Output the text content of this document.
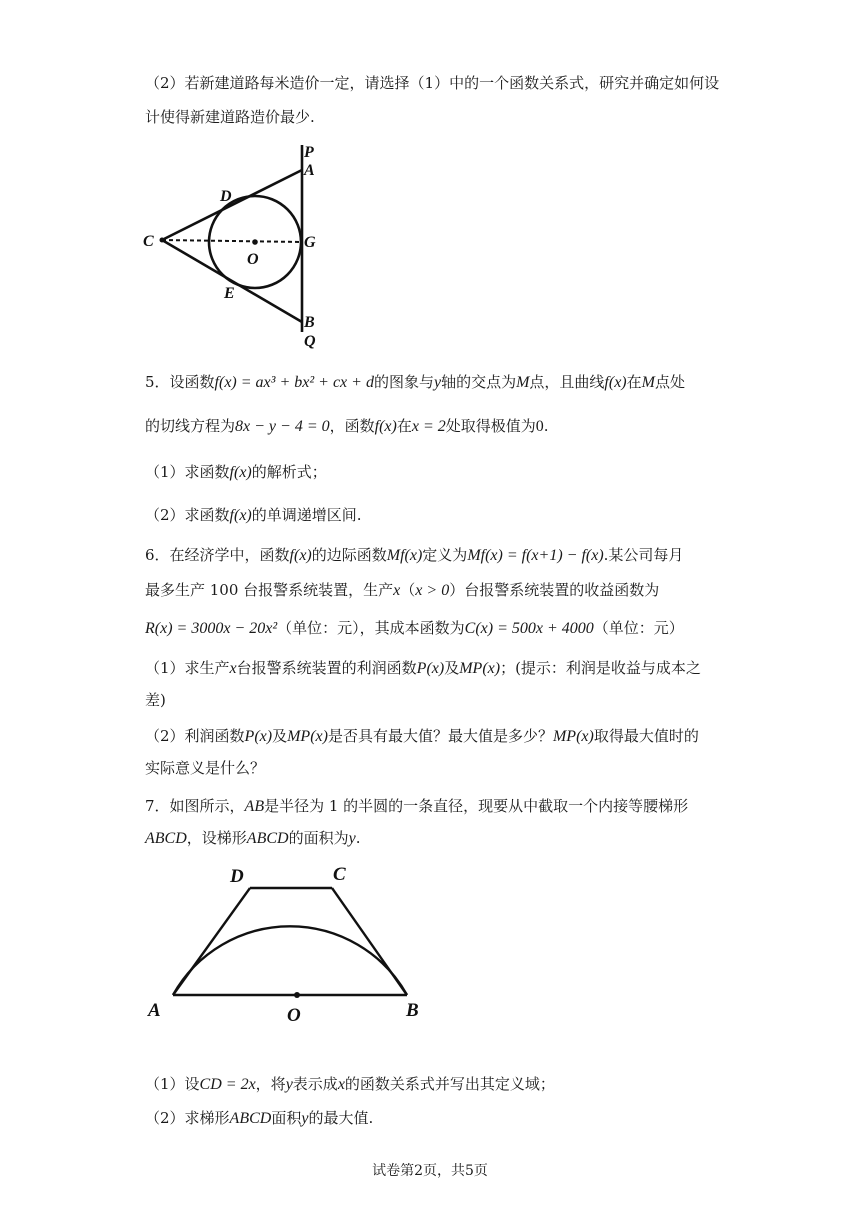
（2）若新建道路每米造价一定，请选择（1）中的一个函数关系式，研究并确定如何设
计使得新建道路造价最少.
P
A
D
C
O
G
E
B
Q
5．设函数f(x) = ax³ + bx² + cx + d的图象与y轴的交点为M点，且曲线f(x)在M点处
的切线方程为8x − y − 4 = 0，函数f(x)在x = 2处取得极值为0.
（1）求函数f(x)的解析式；
（2）求函数f(x)的单调递增区间.
6．在经济学中，函数f(x)的边际函数Mf(x)定义为Mf(x) = f(x+1) − f(x).某公司每月
最多生产 100 台报警系统装置，生产x（x > 0）台报警系统装置的收益函数为
R(x) = 3000x − 20x²（单位：元），其成本函数为C(x) = 500x + 4000（单位：元）
（1）求生产x台报警系统装置的利润函数P(x)及MP(x)；(提示：利润是收益与成本之
差)
（2）利润函数P(x)及MP(x)是否具有最大值？最大值是多少？MP(x)取得最大值时的
实际意义是什么？
7．如图所示，AB是半径为 1 的半圆的一条直径，现要从中截取一个内接等腰梯形
ABCD，设梯形ABCD的面积为y.
D	C
A	O	B
（1）设CD = 2x，将y表示成x的函数关系式并写出其定义域；
（2）求梯形ABCD面积y的最大值.
试卷第2页，共5页
